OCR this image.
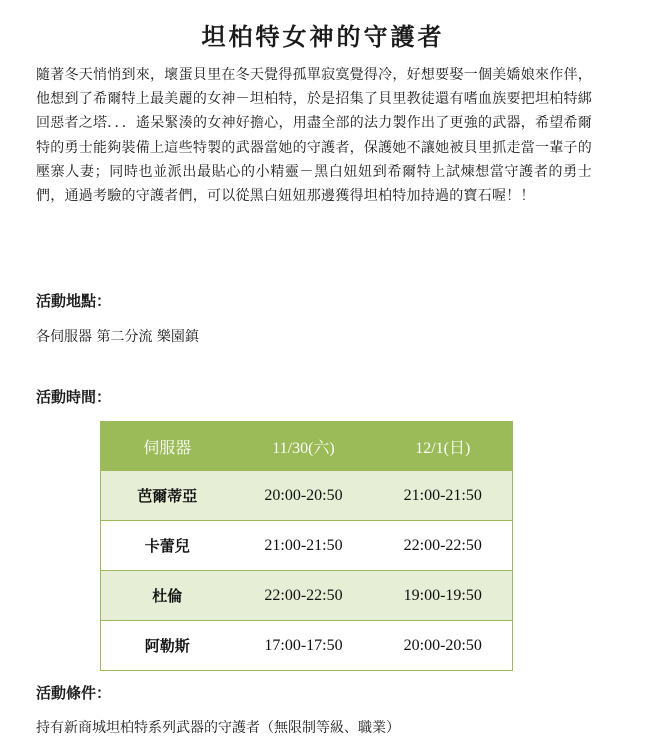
坦柏特女神的守護者
隨著冬天悄悄到來，壞蛋貝里在冬天覺得孤單寂寞覺得冷，好想要娶一個美嬌娘來作伴，他想到了希爾特上最美麗的女神－坦柏特，於是招集了貝里教徒還有嗜血族要把坦柏特綁回惡者之塔．．．遙呆緊湊的女神好擔心，用盡全部的法力製作出了更強的武器，希望希爾特的勇士能夠裝備上這些特製的武器當她的守護者，保護她不讓她被貝里抓走當一輩子的壓寨人妻；同時也並派出最貼心的小精靈－黑白妞妞到希爾特上試煉想當守護者的勇士們，通過考驗的守護者們，可以從黑白妞妞那邊獲得坦柏特加持過的寶石喔！！
活動地點：
各伺服器 第二分流 樂園鎮
活動時間：
伺服器	11/30(六)	12/1(日)
芭爾蒂亞	20:00-20:50	21:00-21:50
卡蕾兒	21:00-21:50	22:00-22:50
杜倫	22:00-22:50	19:00-19:50
阿勒斯	17:00-17:50	20:00-20:50
活動條件：
持有新商城坦柏特系列武器的守護者（無限制等級、職業）
